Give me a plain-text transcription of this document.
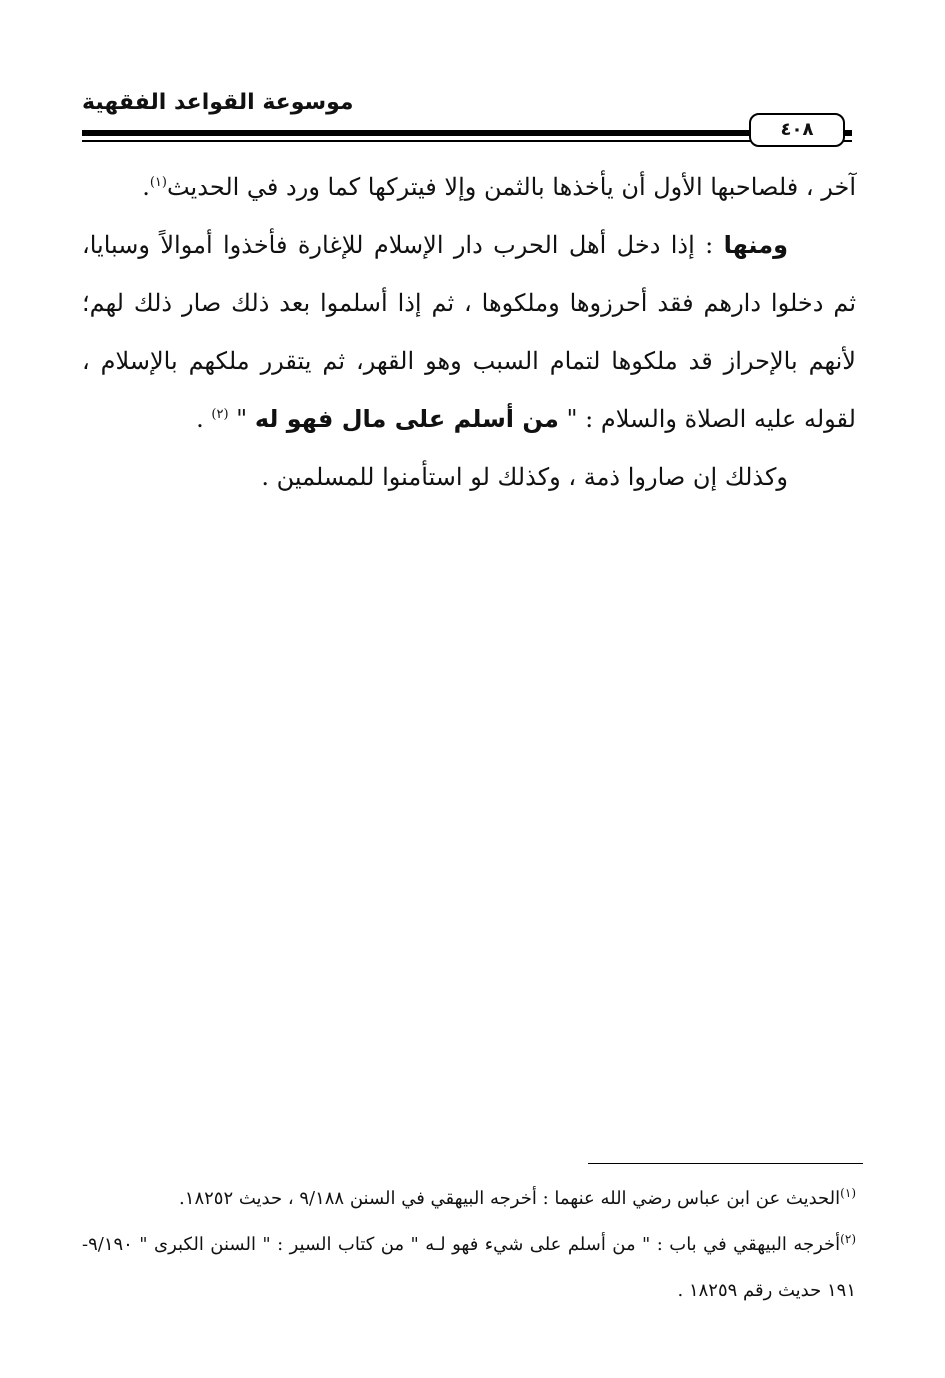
موسوعة القواعد الفقهية
٤٠٨

آخر ، فلصاحبها الأول أن يأخذها بالثمن وإلا فيتركها كما ورد في الحديث$^{(١)}$.

ومنها : إذا دخل أهل الحرب دار الإسلام للإغارة فأخذوا أموالاً وسبايا، ثم دخلوا دارهم فقد أحرزوها وملكوها ، ثم إذا أسلموا بعد ذلك صار ذلك لهم؛ لأنهم بالإحراز قد ملكوها لتمام السبب وهو القهر، ثم يتقرر ملكهم بالإسلام ، لقوله عليه الصلاة والسلام : " من أسلم على مال فهو له " $^{(٢)}$ .

وكذلك إن صاروا ذمة ، وكذلك لو استأمنوا للمسلمين .

$^{(١)}$الحديث عن ابن عباس رضي الله عنهما : أخرجه البيهقي في السنن ٩/١٨٨ ، حديث ١٨٢٥٢.

$^{(٢)}$أخرجه البيهقي في باب : " من أسلم على شيء فهو لـه " من كتاب السير : " السنن الكبرى " ٩/١٩٠- ١٩١ حديث رقم ١٨٢٥٩ .
